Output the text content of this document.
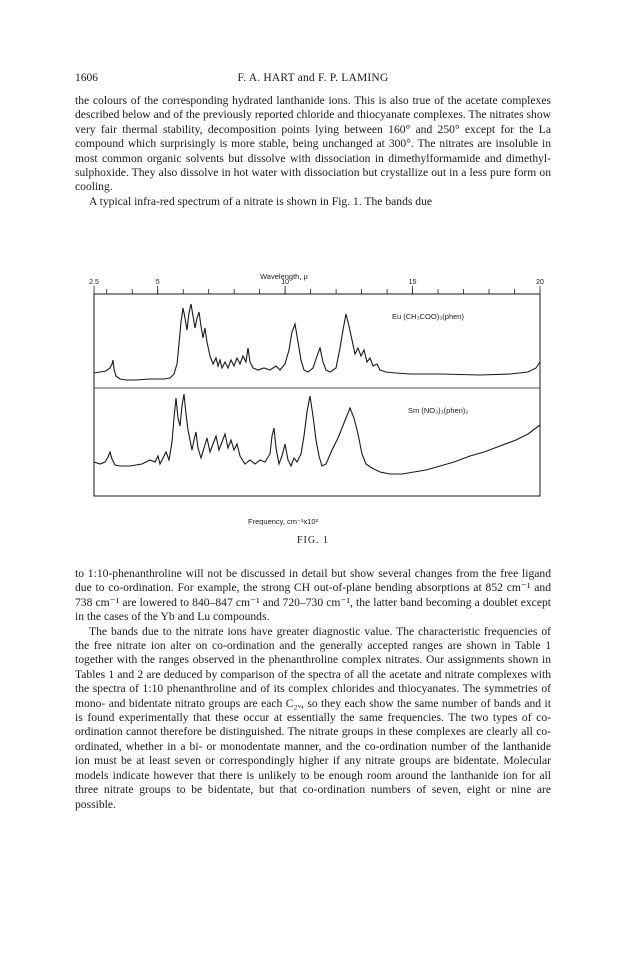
1606	F. A. HART and F. P. LAMING

the colours of the corresponding hydrated lanthanide ions. This is also true of the acetate complexes described below and of the previously reported chloride and thiocyanate complexes. The nitrates show very fair thermal stability, decomposition points lying between 160° and 250° except for the La compound which surprisingly is more stable, being unchanged at 300°. The nitrates are insoluble in most common organic solvents but dissolve with dissociation in dimethylformamide and dimethyl-sulphoxide. They also dissolve in hot water with dissociation but crystallize out in a less pure form on cooling.

A typical infra-red spectrum of a nitrate is shown in Fig. 1. The bands due

Wavelength, μ
2.5	5	10	15	20
Eu (CH₃COO)₃(phen)
Sm (NO₃)₃(phen)₂
Frequency, cm⁻¹x10²
FIG. 1

to 1:10-phenanthroline will not be discussed in detail but show several changes from the free ligand due to co-ordination. For example, the strong CH out-of-plane bending absorptions at 852 cm⁻¹ and 738 cm⁻¹ are lowered to 840–847 cm⁻¹ and 720–730 cm⁻¹, the latter band becoming a doublet except in the cases of the Yb and Lu compounds.

The bands due to the nitrate ions have greater diagnostic value. The characteristic frequencies of the free nitrate ion alter on co-ordination and the generally accepted ranges are shown in Table 1 together with the ranges observed in the phenanthroline complex nitrates. Our assignments shown in Tables 1 and 2 are deduced by comparison of the spectra of all the acetate and nitrate complexes with the spectra of 1:10 phenanthroline and of its complex chlorides and thiocyanates. The symmetries of mono- and bidentate nitrato groups are each C₂ᵥ, so they each show the same number of bands and it is found experimentally that these occur at essentially the same frequencies. The two types of co-ordination cannot therefore be distinguished. The nitrate groups in these complexes are clearly all co-ordinated, whether in a bi- or monodentate manner, and the co-ordination number of the lanthanide ion must be at least seven or correspondingly higher if any nitrate groups are bidentate. Molecular models indicate however that there is unlikely to be enough room around the lanthanide ion for all three nitrate groups to be bidentate, but that co-ordination numbers of seven, eight or nine are possible.
